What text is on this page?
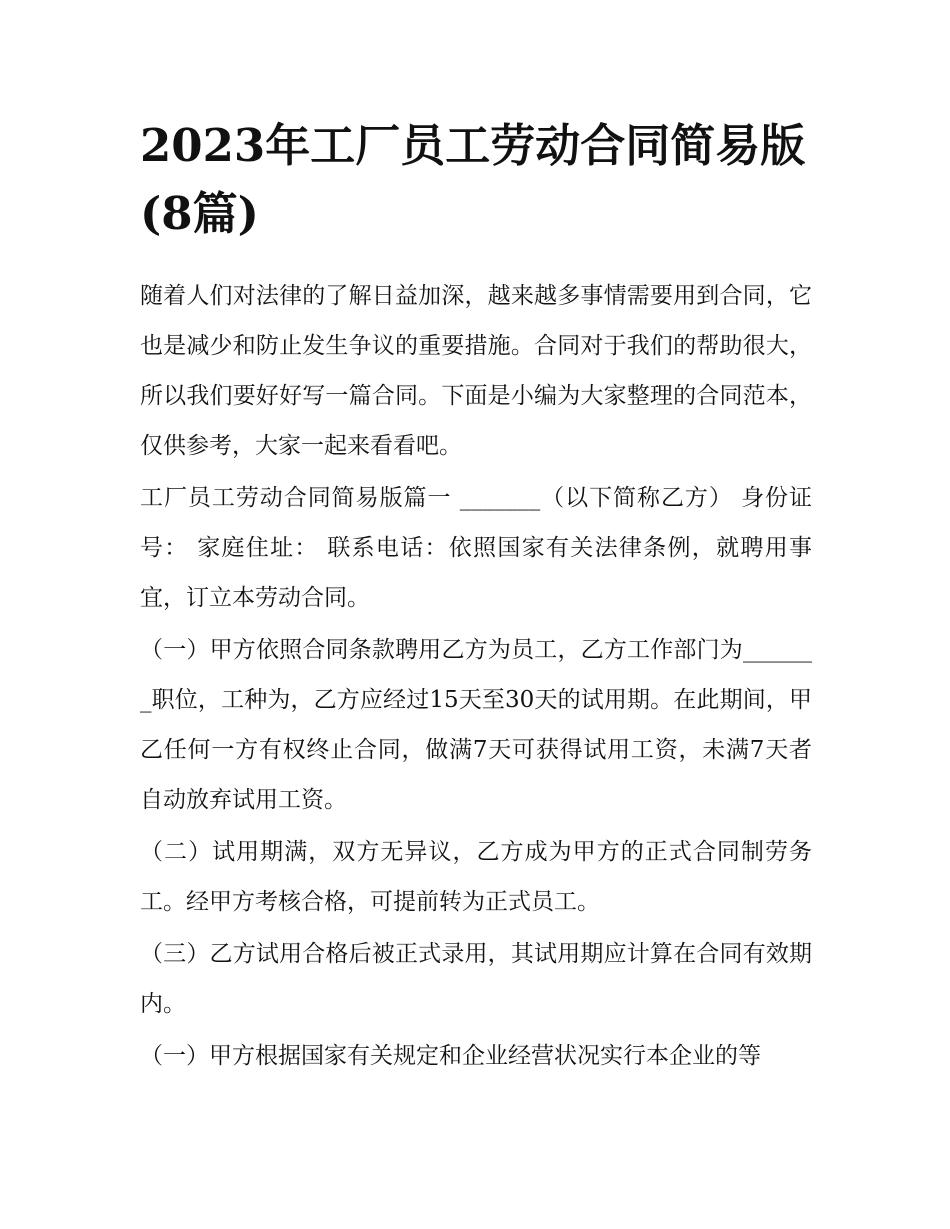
2023年工厂员工劳动合同简易版(8篇)

随着人们对法律的了解日益加深，越来越多事情需要用到合同，它也是减少和防止发生争议的重要措施。合同对于我们的帮助很大，所以我们要好好写一篇合同。下面是小编为大家整理的合同范本，仅供参考，大家一起来看看吧。

工厂员工劳动合同简易版篇一 _______（以下简称乙方） 身份证号： 家庭住址： 联系电话：依照国家有关法律条例，就聘用事宜，订立本劳动合同。

（一）甲方依照合同条款聘用乙方为员工，乙方工作部门为_______职位，工种为，乙方应经过15天至30天的试用期。在此期间，甲乙任何一方有权终止合同，做满7天可获得试用工资，未满7天者自动放弃试用工资。

（二）试用期满，双方无异议，乙方成为甲方的正式合同制劳务工。经甲方考核合格，可提前转为正式员工。

（三）乙方试用合格后被正式录用，其试用期应计算在合同有效期内。

（一）甲方根据国家有关规定和企业经营状况实行本企业的等
